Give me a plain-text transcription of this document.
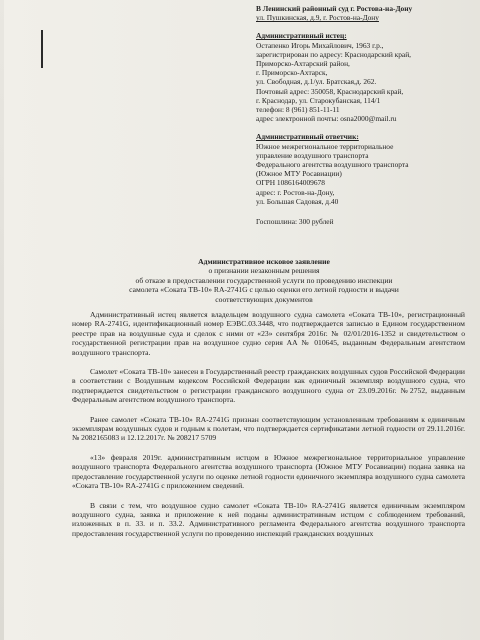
В Ленинский районный суд г. Ростова-на-Дону
ул. Пушкинская, д.9, г. Ростов-на-Дону
Административный истец:
Остапенко Игорь Михайлович, 1963 г.р.,
зарегистрирован по адресу: Краснодарский край,
Приморско-Ахтарский район,
г. Приморско-Ахтарск,
ул. Свободная, д.1/ул. Братская,д. 262.
Почтовый адрес: 350058, Краснодарский край,
г. Краснодар, ул. Старокубанская, 114/1
телефон: 8 (961) 851-11-11
адрес электронной почты: osna2000@mail.ru
Административный ответчик:
Южное межрегиональное территориальное
управление воздушного транспорта
Федерального агентства воздушного транспорта
(Южное МТУ Росавиации)
ОГРН 1086164009678
адрес: г. Ростов-на-Дону,
ул. Большая Садовая, д.40
Госпошлина: 300 рублей
Административное исковое заявление
о признании незаконным решения
об отказе в предоставлении государственной услуги по проведению инспекции
самолета «Соката ТВ-10» RA-2741G с целью оценки его летной годности и выдачи
соответствующих документов

Административный истец является владельцем воздушного судна самолета «Соката ТВ-10», регистрационный номер RA-2741G, идентификационный номер ЕЭВС.03.3448, что подтверждается записью в Едином государственном реестре прав на воздушные суда и сделок с ними от «23» сентября 2016г. № 02/01/2016-1352 и свидетельством о государственной регистрации прав на воздушное судно серия АА № 010645, выданным Федеральным агентством воздушного транспорта.

Самолет «Соката ТВ-10» занесен в Государственный реестр гражданских воздушных судов Российской Федерации в соответствии с Воздушным кодексом Российской Федерации как единичный экземпляр воздушного судна, что подтверждается свидетельством о регистрации гражданского воздушного судна от 23.09.2016г. №2752, выданным Федеральным агентством воздушного транспорта.

Ранее самолет «Соката ТВ-10» RA-2741G признан соответствующим установленным требованиям к единичным экземплярам воздушных судов и годным к полетам, что подтверждается сертификатами летной годности от 29.11.2016г. № 2082165083 и 12.12.2017г. № 208217 5709

«13» февраля 2019г. административным истцом в Южное межрегиональное территориальное управление воздушного транспорта Федерального агентства воздушного транспорта (Южное МТУ Росавиации) подана заявка на предоставление государственной услуги по оценке летной годности единичного экземпляра воздушного судна самолета «Соката ТВ-10» RA-2741G с приложением сведений.

В связи с тем, что воздушное судно самолет «Соката ТВ-10» RA-2741G является единичным экземпляром воздушного судна, заявка и приложение к ней поданы административным истцом с соблюдением требований, изложенных в п. 33. и п. 33.2. Административного регламента Федерального агентства воздушного транспорта предоставления государственной услуги по проведению инспекций гражданских воздушных
